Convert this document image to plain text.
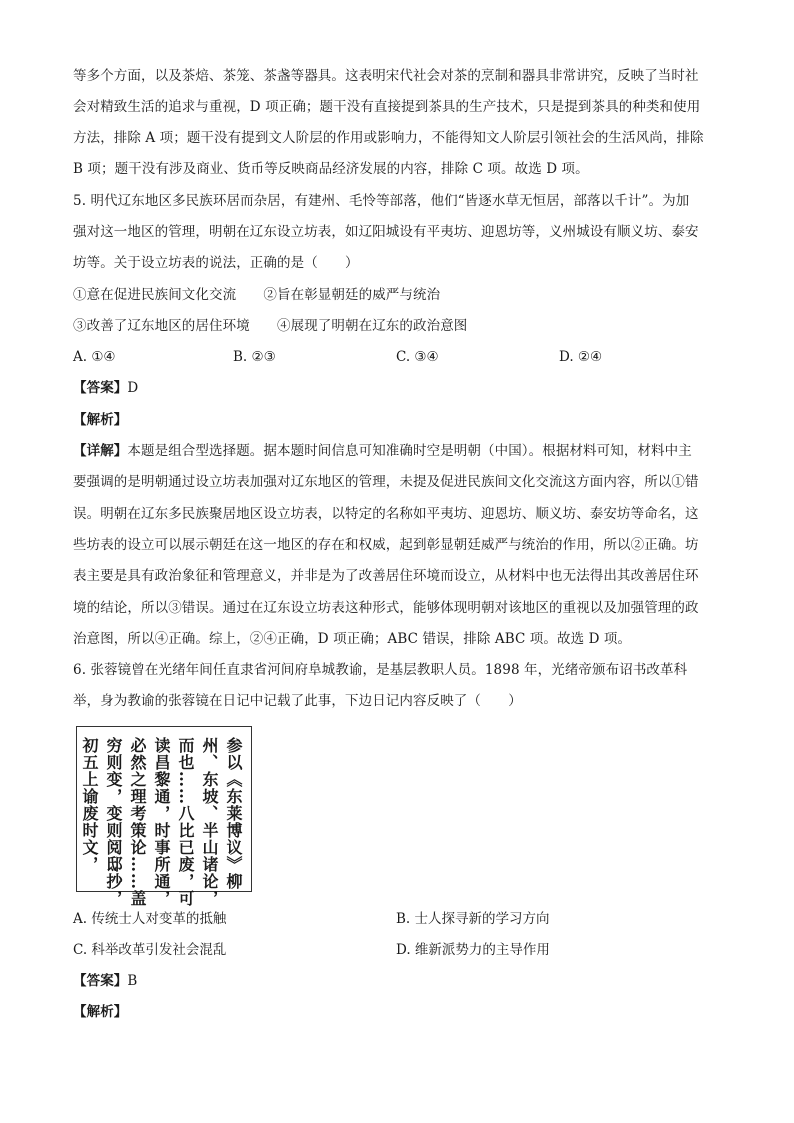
等多个方面，以及茶焙、茶笼、茶盏等器具。这表明宋代社会对茶的烹制和器具非常讲究，反映了当时社
会对精致生活的追求与重视，D 项正确；题干没有直接提到茶具的生产技术，只是提到茶具的种类和使用
方法，排除 A 项；题干没有提到文人阶层的作用或影响力，不能得知文人阶层引领社会的生活风尚，排除
B 项；题干没有涉及商业、货币等反映商品经济发展的内容，排除 C 项。故选 D 项。
5. 明代辽东地区多民族环居而杂居，有建州、毛怜等部落，他们“皆逐水草无恒居，部落以千计”。为加
强对这一地区的管理，明朝在辽东设立坊表，如辽阳城设有平夷坊、迎恩坊等，义州城设有顺义坊、泰安
坊等。关于设立坊表的说法，正确的是（　　）
①意在促进民族间文化交流　　②旨在彰显朝廷的威严与统治
③改善了辽东地区的居住环境　　④展现了明朝在辽东的政治意图
A. ①④	B. ②③	C. ③④	D. ②④
【答案】D
【解析】
【详解】本题是组合型选择题。据本题时间信息可知准确时空是明朝（中国）。根据材料可知，材料中主
要强调的是明朝通过设立坊表加强对辽东地区的管理，未提及促进民族间文化交流这方面内容，所以①错
误。明朝在辽东多民族聚居地区设立坊表，以特定的名称如平夷坊、迎恩坊、顺义坊、泰安坊等命名，这
些坊表的设立可以展示朝廷在这一地区的存在和权威，起到彰显朝廷威严与统治的作用，所以②正确。坊
表主要是具有政治象征和管理意义，并非是为了改善居住环境而设立，从材料中也无法得出其改善居住环
境的结论，所以③错误。通过在辽东设立坊表这种形式，能够体现明朝对该地区的重视以及加强管理的政
治意图，所以④正确。综上，②④正确，D 项正确；ABC 错误，排除 ABC 项。故选 D 项。
6. 张蓉镜曾在光绪年间任直隶省河间府阜城教谕，是基层教职人员。1898 年，光绪帝颁布诏书改革科
举，身为教谕的张蓉镜在日记中记载了此事，下边日记内容反映了（　　）
参以《东莱博议》柳
州、东坡、半山诸论，
而也……八比已废，可
读昌黎通，时事所通，
必然之理考策论……盖
穷则变，变则阅邸抄，
初五上谕废时文，
A. 传统士人对变革的抵触	B. 士人探寻新的学习方向
C. 科举改革引发社会混乱	D. 维新派势力的主导作用
【答案】B
【解析】
